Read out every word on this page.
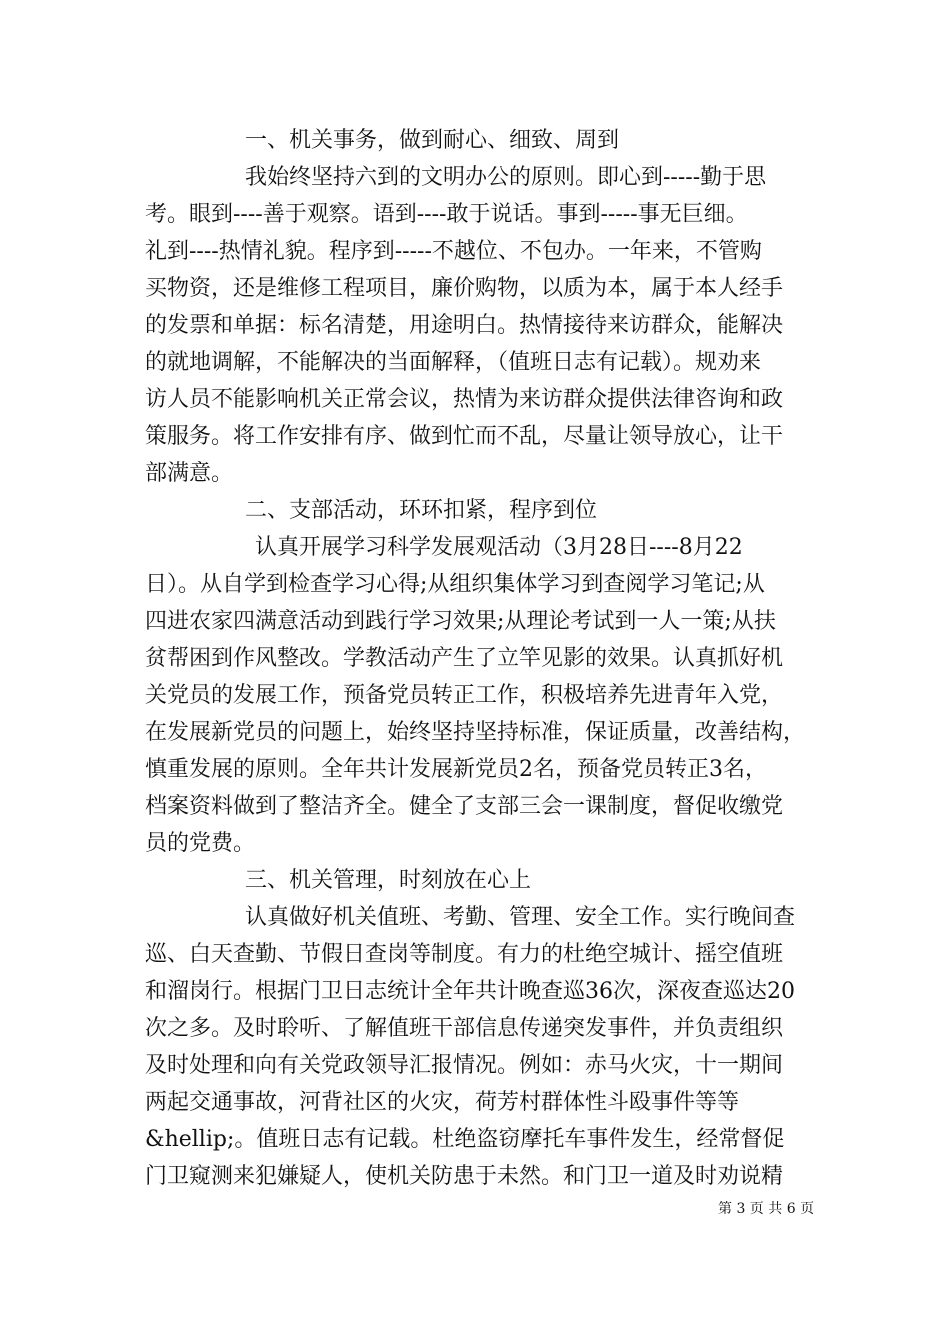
一、机关事务，做到耐心、细致、周到
我始终坚持六到的文明办公的原则。即心到-----勤于思
考。眼到----善于观察。语到----敢于说话。事到-----事无巨细。
礼到----热情礼貌。程序到-----不越位、不包办。一年来，不管购
买物资，还是维修工程项目，廉价购物，以质为本，属于本人经手
的发票和单据：标名清楚，用途明白。热情接待来访群众，能解决
的就地调解，不能解决的当面解释，（值班日志有记载）。规劝来
访人员不能影响机关正常会议，热情为来访群众提供法律咨询和政
策服务。将工作安排有序、做到忙而不乱，尽量让领导放心，让干
部满意。
二、支部活动，环环扣紧，程序到位
认真开展学习科学发展观活动（3月28日----8月22
日）。从自学到检查学习心得;从组织集体学习到查阅学习笔记;从
四进农家四满意活动到践行学习效果;从理论考试到一人一策;从扶
贫帮困到作风整改。学教活动产生了立竿见影的效果。认真抓好机
关党员的发展工作，预备党员转正工作，积极培养先进青年入党，
在发展新党员的问题上，始终坚持坚持标准，保证质量，改善结构，
慎重发展的原则。全年共计发展新党员2名，预备党员转正3名，
档案资料做到了整洁齐全。健全了支部三会一课制度，督促收缴党
员的党费。
三、机关管理，时刻放在心上
认真做好机关值班、考勤、管理、安全工作。实行晚间查
巡、白天查勤、节假日查岗等制度。有力的杜绝空城计、摇空值班
和溜岗行。根据门卫日志统计全年共计晚查巡36次，深夜查巡达20
次之多。及时聆听、了解值班干部信息传递突发事件，并负责组织
及时处理和向有关党政领导汇报情况。例如：赤马火灾，十一期间
两起交通事故，河背社区的火灾，荷芳村群体性斗殴事件等等
&hellip;。值班日志有记载。杜绝盗窃摩托车事件发生，经常督促
门卫窥测来犯嫌疑人，使机关防患于未然。和门卫一道及时劝说精
第 3 页 共 6 页
